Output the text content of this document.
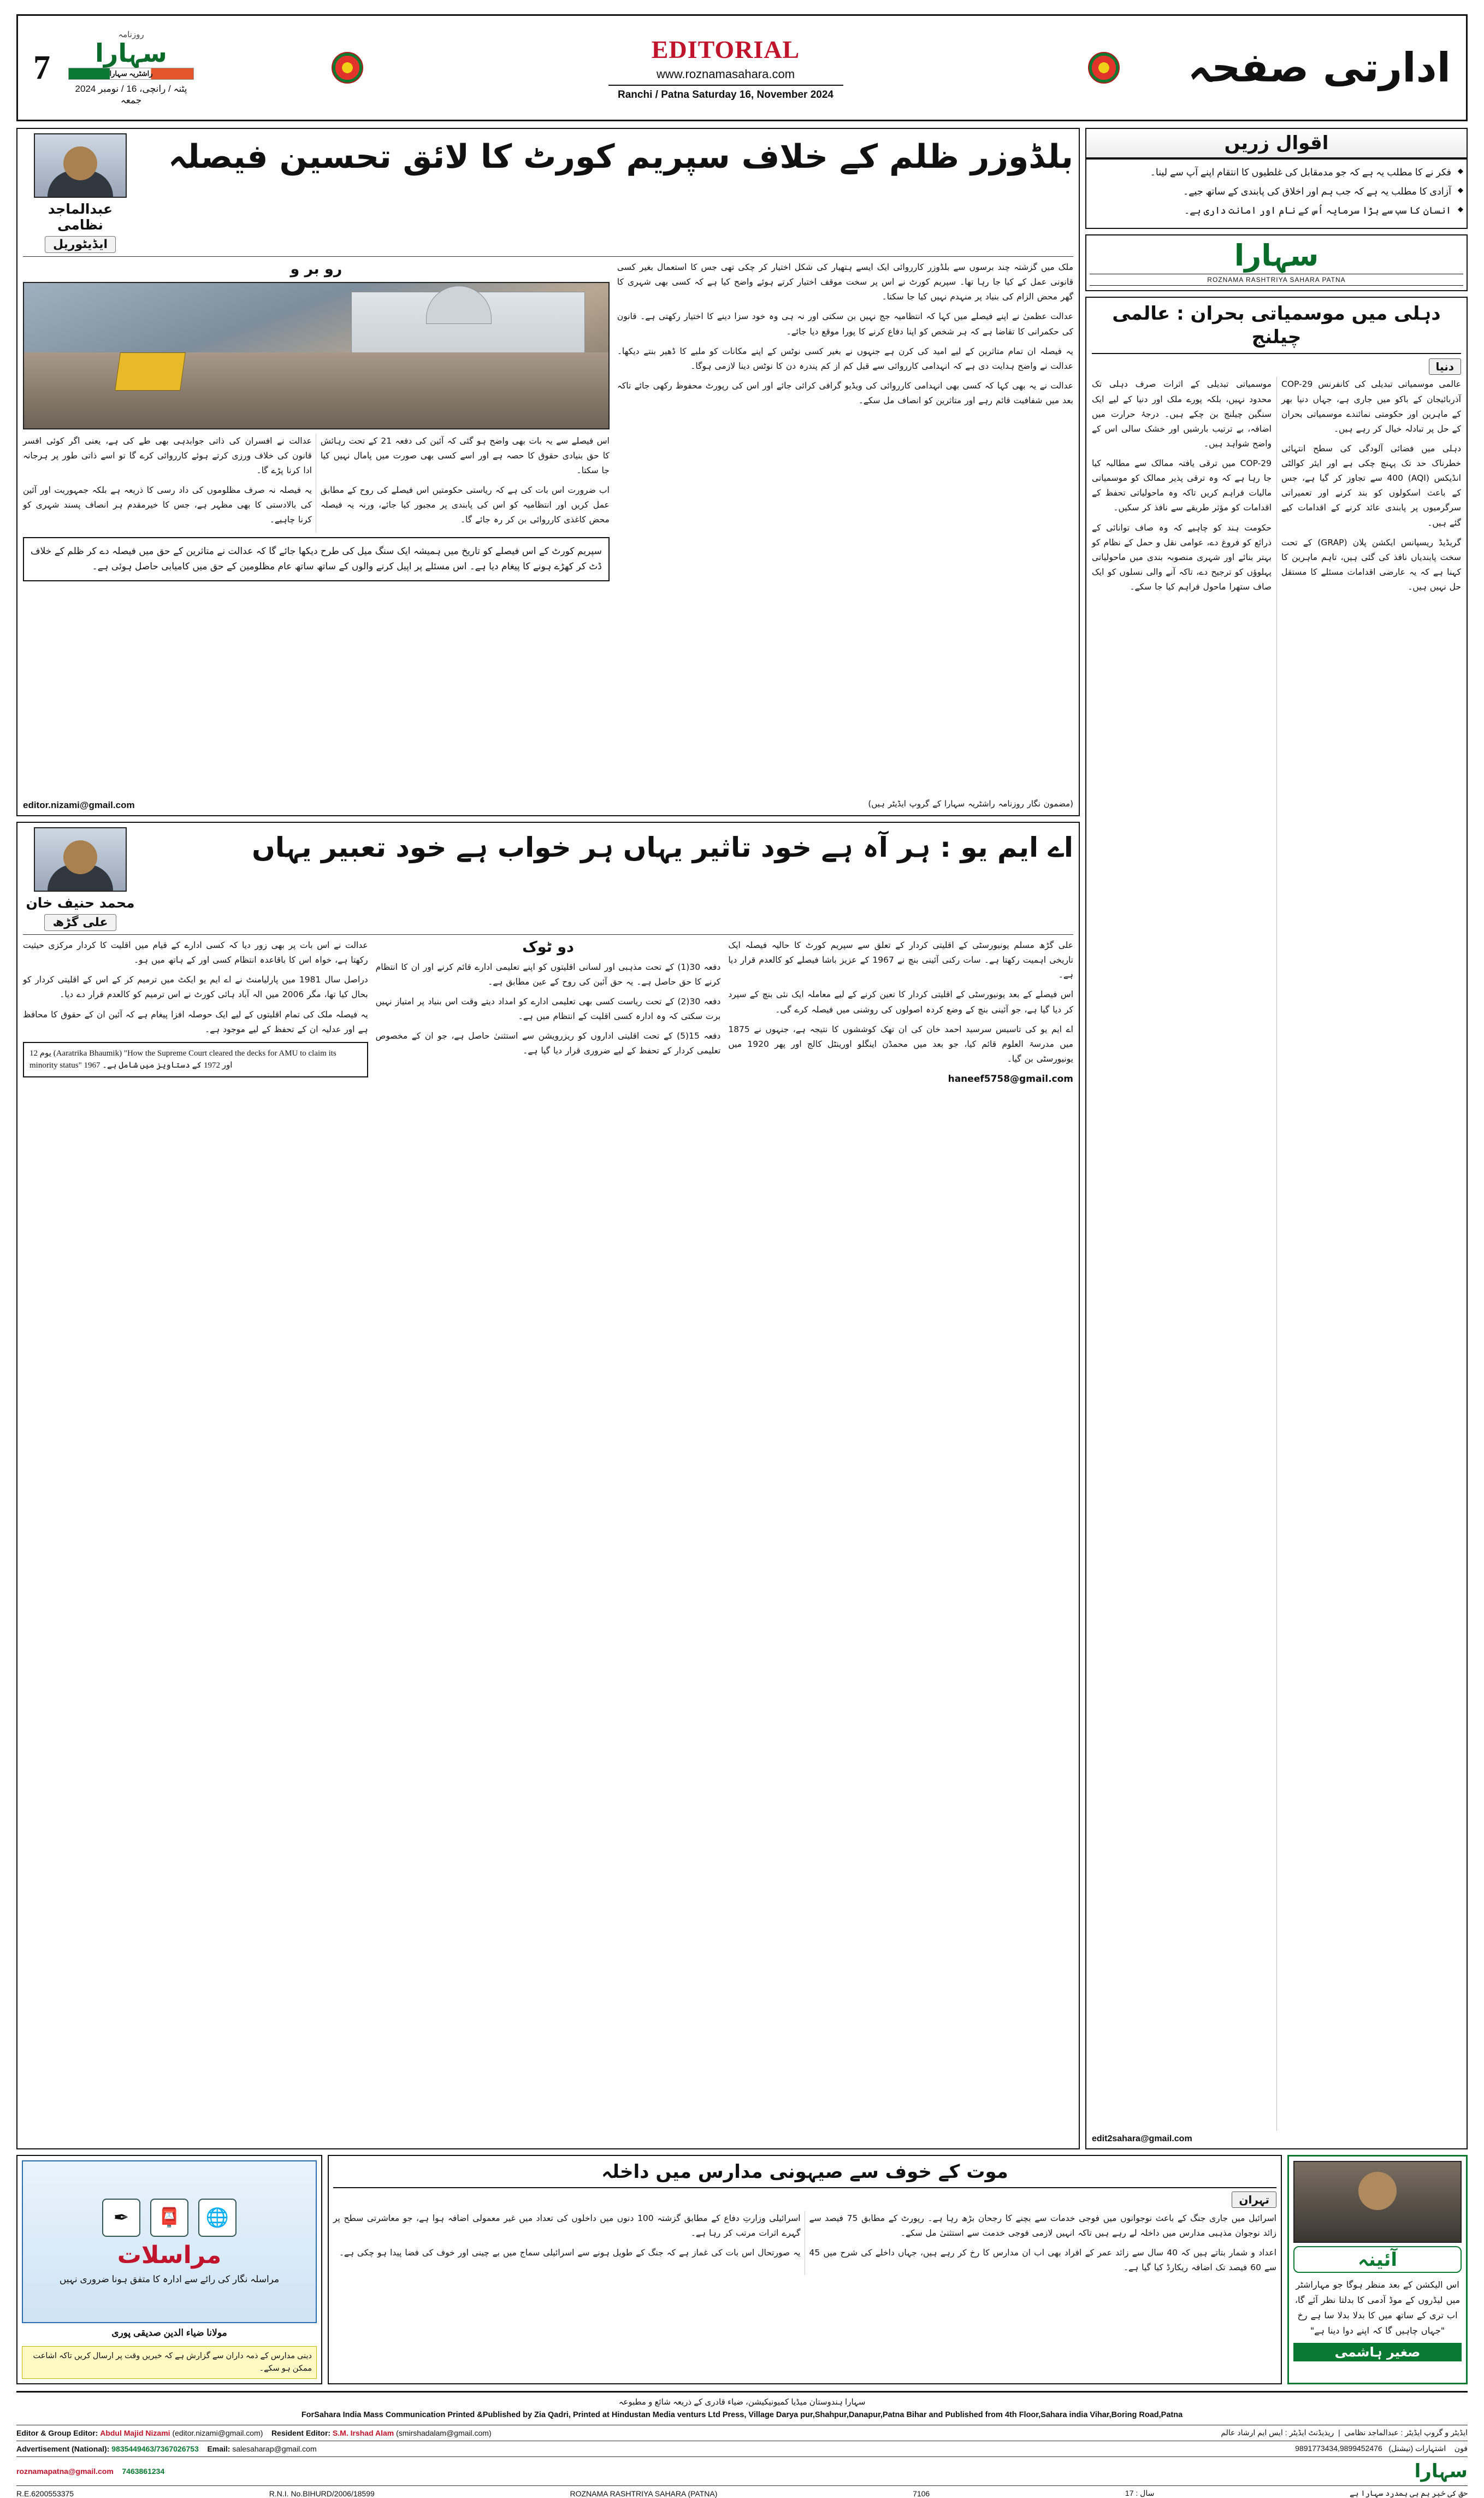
7
روزنامہ
سہارا
راشٹریہ سہارا
پٹنہ / رانچی، 16 / نومبر 2024 جمعہ
EDITORIAL
www.roznamasahara.com
Ranchi / Patna Saturday 16, November 2024
ادارتی صفحہ
اقوال زریں
◆ فکر نے کا مطلب یہ ہے کہ جو مدمقابل کی غلطیوں کا انتقام اپنے آپ سے لینا۔
◆ آزادی کا مطلب یہ ہے کہ جب ہم اور اخلاق کی پابندی کے ساتھ جیے۔
◆ انسان کا سب سے بڑا سرمایہ اُس کے نام اور امانت داری ہے۔
سہارا
ROZNAMA RASHTRIYA SAHARA PATNA
دہلی میں موسمیاتی بحران : عالمی چیلنج
دنیا

عالمی موسمیاتی تبدیلی کی کانفرنس COP-29 آذربائیجان کے باکو میں جاری ہے، جہاں دنیا بھر کے ماہرین اور حکومتی نمائندے موسمیاتی بحران کے حل پر تبادلہ خیال کر رہے ہیں۔

دہلی میں فضائی آلودگی کی سطح انتہائی خطرناک حد تک پہنچ چکی ہے اور ایئر کوالٹی انڈیکس (AQI) 400 سے تجاوز کر گیا ہے، جس کے باعث اسکولوں کو بند کرنے اور تعمیراتی سرگرمیوں پر پابندی عائد کرنے کے اقدامات کیے گئے ہیں۔

گریڈیڈ ریسپانس ایکشن پلان (GRAP) کے تحت سخت پابندیاں نافذ کی گئی ہیں، تاہم ماہرین کا کہنا ہے کہ یہ عارضی اقدامات مسئلے کا مستقل حل نہیں ہیں۔

موسمیاتی تبدیلی کے اثرات صرف دہلی تک محدود نہیں، بلکہ پورے ملک اور دنیا کے لیے ایک سنگین چیلنج بن چکے ہیں۔ درجۂ حرارت میں اضافہ، بے ترتیب بارشیں اور خشک سالی اس کے واضح شواہد ہیں۔

COP-29 میں ترقی یافتہ ممالک سے مطالبہ کیا جا رہا ہے کہ وہ ترقی پذیر ممالک کو موسمیاتی مالیات فراہم کریں تاکہ وہ ماحولیاتی تحفظ کے اقدامات کو مؤثر طریقے سے نافذ کر سکیں۔

حکومت ہند کو چاہیے کہ وہ صاف توانائی کے ذرائع کو فروغ دے، عوامی نقل و حمل کے نظام کو بہتر بنائے اور شہری منصوبہ بندی میں ماحولیاتی پہلوؤں کو ترجیح دے، تاکہ آنے والی نسلوں کو ایک صاف ستھرا ماحول فراہم کیا جا سکے۔

edit2sahara@gmail.com
بلڈوزر ظلم کے خلاف سپریم کورٹ کا لائق تحسین فیصلہ
عبدالماجد نظامی
ایڈیٹوریل

ملک میں گزشتہ چند برسوں سے بلڈوزر کارروائی ایک ایسے ہتھیار کی شکل اختیار کر چکی تھی جس کا استعمال بغیر کسی قانونی عمل کے کیا جا رہا تھا۔ سپریم کورٹ نے اس پر سخت موقف اختیار کرتے ہوئے واضح کیا ہے کہ کسی بھی شہری کا گھر محض الزام کی بنیاد پر منہدم نہیں کیا جا سکتا۔

عدالت عظمیٰ نے اپنے فیصلے میں کہا کہ انتظامیہ جج نہیں بن سکتی اور نہ ہی وہ خود سزا دینے کا اختیار رکھتی ہے۔ قانون کی حکمرانی کا تقاضا ہے کہ ہر شخص کو اپنا دفاع کرنے کا پورا موقع دیا جائے۔

یہ فیصلہ ان تمام متاثرین کے لیے امید کی کرن ہے جنہوں نے بغیر کسی نوٹس کے اپنے مکانات کو ملبے کا ڈھیر بنتے دیکھا۔ عدالت نے واضح ہدایت دی ہے کہ انہدامی کارروائی سے قبل کم از کم پندرہ دن کا نوٹس دینا لازمی ہوگا۔

عدالت نے یہ بھی کہا کہ کسی بھی انہدامی کارروائی کی ویڈیو گرافی کرائی جائے اور اس کی رپورٹ محفوظ رکھی جائے تاکہ بعد میں شفافیت قائم رہے اور متاثرین کو انصاف مل سکے۔

رو بر و

اس فیصلے سے یہ بات بھی واضح ہو گئی کہ آئین کی دفعہ 21 کے تحت رہائش کا حق بنیادی حقوق کا حصہ ہے اور اسے کسی بھی صورت میں پامال نہیں کیا جا سکتا۔

اب ضرورت اس بات کی ہے کہ ریاستی حکومتیں اس فیصلے کی روح کے مطابق عمل کریں اور انتظامیہ کو اس کی پابندی پر مجبور کیا جائے، ورنہ یہ فیصلہ محض کاغذی کارروائی بن کر رہ جائے گا۔

عدالت نے افسران کی ذاتی جوابدہی بھی طے کی ہے، یعنی اگر کوئی افسر قانون کی خلاف ورزی کرتے ہوئے کارروائی کرے گا تو اسے ذاتی طور پر ہرجانہ ادا کرنا پڑے گا۔

یہ فیصلہ نہ صرف مظلوموں کی داد رسی کا ذریعہ ہے بلکہ جمہوریت اور آئین کی بالادستی کا بھی مظہر ہے، جس کا خیرمقدم ہر انصاف پسند شہری کو کرنا چاہیے۔

سپریم کورٹ کے اس فیصلے کو تاریخ میں ہمیشہ ایک سنگ میل کی طرح دیکھا جائے گا کہ عدالت نے متاثرین کے حق میں فیصلہ دے کر ظلم کے خلاف ڈٹ کر کھڑے ہونے کا پیغام دیا ہے۔ اس مسئلے پر اپیل کرنے والوں کے ساتھ ساتھ عام مظلومین کے حق میں کامیابی حاصل ہوئی ہے۔
(مضمون نگار روزنامہ راشٹریہ سہارا کے گروپ ایڈیٹر ہیں)
editor.nizami@gmail.com
اے ایم یو : ہر آہ ہے خود تاثیر یہاں ہر خواب ہے خود تعبیر یہاں
محمد حنیف خان
علی گڑھ

علی گڑھ مسلم یونیورسٹی کے اقلیتی کردار کے تعلق سے سپریم کورٹ کا حالیہ فیصلہ ایک تاریخی اہمیت رکھتا ہے۔ سات رکنی آئینی بنچ نے 1967 کے عزیز باشا فیصلے کو کالعدم قرار دیا ہے۔

اس فیصلے کے بعد یونیورسٹی کے اقلیتی کردار کا تعین کرنے کے لیے معاملہ ایک نئی بنچ کے سپرد کر دیا گیا ہے، جو آئینی بنچ کے وضع کردہ اصولوں کی روشنی میں فیصلہ کرے گی۔

اے ایم یو کی تاسیس سرسید احمد خان کی ان تھک کوششوں کا نتیجہ ہے، جنہوں نے 1875 میں مدرسۃ العلوم قائم کیا، جو بعد میں محمڈن اینگلو اورینٹل کالج اور پھر 1920 میں یونیورسٹی بن گیا۔

haneef5758@gmail.com
دو ٹوک

دفعہ 30(1) کے تحت مذہبی اور لسانی اقلیتوں کو اپنے تعلیمی ادارے قائم کرنے اور ان کا انتظام کرنے کا حق حاصل ہے۔ یہ حق آئین کی روح کے عین مطابق ہے۔

دفعہ 30(2) کے تحت ریاست کسی بھی تعلیمی ادارے کو امداد دیتے وقت اس بنیاد پر امتیاز نہیں برت سکتی کہ وہ ادارہ کسی اقلیت کے انتظام میں ہے۔

دفعہ 15(5) کے تحت اقلیتی اداروں کو ریزرویشن سے استثنیٰ حاصل ہے، جو ان کے مخصوص تعلیمی کردار کے تحفظ کے لیے ضروری قرار دیا گیا ہے۔

عدالت نے اس بات پر بھی زور دیا کہ کسی ادارے کے قیام میں اقلیت کا کردار مرکزی حیثیت رکھتا ہے، خواہ اس کا باقاعدہ انتظام کسی اور کے ہاتھ میں ہو۔

دراصل سال 1981 میں پارلیامنٹ نے اے ایم یو ایکٹ میں ترمیم کر کے اس کے اقلیتی کردار کو بحال کیا تھا، مگر 2006 میں الہ آباد ہائی کورٹ نے اس ترمیم کو کالعدم قرار دے دیا۔

یہ فیصلہ ملک کی تمام اقلیتوں کے لیے ایک حوصلہ افزا پیغام ہے کہ آئین ان کے حقوق کا محافظ ہے اور عدلیہ ان کے تحفظ کے لیے موجود ہے۔

12 یوم (Aaratrika Bhaumik) "How the Supreme Court cleared the decks for AMU to claim its minority status" 1967 اور 1972 کے دستاویز میں شامل ہے۔
آئینہ
اس الیکشن کے بعد منظر ہوگا جو مہاراشٹر میں لیڈروں کے موڈ آدمی کا بدلتا نظر آئے گا، اب تری کے ساتھ میں کا بدلا بدلا سا ہے رخ "جہاں چاہیں گا کہ اپنے دوا دینا ہے"
صغیر ہاشمی
موت کے خوف سے صیہونی مدارس میں داخلہ
تہران

اسرائیل میں جاری جنگ کے باعث نوجوانوں میں فوجی خدمات سے بچنے کا رجحان بڑھ رہا ہے۔ رپورٹ کے مطابق 75 فیصد سے زائد نوجوان مذہبی مدارس میں داخلہ لے رہے ہیں تاکہ انہیں لازمی فوجی خدمت سے استثنیٰ مل سکے۔

اعداد و شمار بتاتے ہیں کہ 40 سال سے زائد عمر کے افراد بھی اب ان مدارس کا رخ کر رہے ہیں، جہاں داخلے کی شرح میں 45 سے 60 فیصد تک اضافہ ریکارڈ کیا گیا ہے۔

اسرائیلی وزارتِ دفاع کے مطابق گزشتہ 100 دنوں میں داخلوں کی تعداد میں غیر معمولی اضافہ ہوا ہے، جو معاشرتی سطح پر گہرے اثرات مرتب کر رہا ہے۔

یہ صورتحال اس بات کی غماز ہے کہ جنگ کے طویل ہونے سے اسرائیلی سماج میں بے چینی اور خوف کی فضا پیدا ہو چکی ہے۔

🌐
📮
✒
مراسلات
مراسلہ نگار کی رائے سے ادارہ کا متفق ہونا ضروری نہیں
مولانا ضیاء الدین صدیقی پوری
دینی مدارس کے ذمہ داران سے گزارش ہے کہ خبریں وقت پر ارسال کریں تاکہ اشاعت ممکن ہو سکے۔
سہارا ہندوستان میڈیا کمیونیکیشن، ضیاء قادری کے ذریعہ شائع و مطبوعہ
ForSahara India Mass Communication Printed &Published by Zia Qadri, Printed at Hindustan Media venturs Ltd Press, Village Darya pur,Shahpur,Danapur,Patna Bihar and Published from 4th Floor,Sahara india Vihar,Boring Road,Patna
Editor & Group Editor: Abdul Majid Nizami (editor.nizami@gmail.com) Resident Editor: S.M. Irshad Alam (smirshadalam@gmail.com)	ایڈیٹر و گروپ ایڈیٹر : عبدالماجد نظامی  |  ریذیڈنٹ ایڈیٹر : ایس ایم ارشاد عالم
Advertisement (National): 9835449463/7367026753 Email: salesaharap@gmail.com	9891773434,9899452476	فون    اشتہارات (نیشنل)
roznamapatna@gmail.com 7463861234	سہارا
R.E.6200553375	R.N.I. No.BIHURD/2006/18599	ROZNAMA RASHTRIYA SAHARA (PATNA)	7106	سال : 17	حق کی خبر ہم ہی ہمدرد سہارا ہے
